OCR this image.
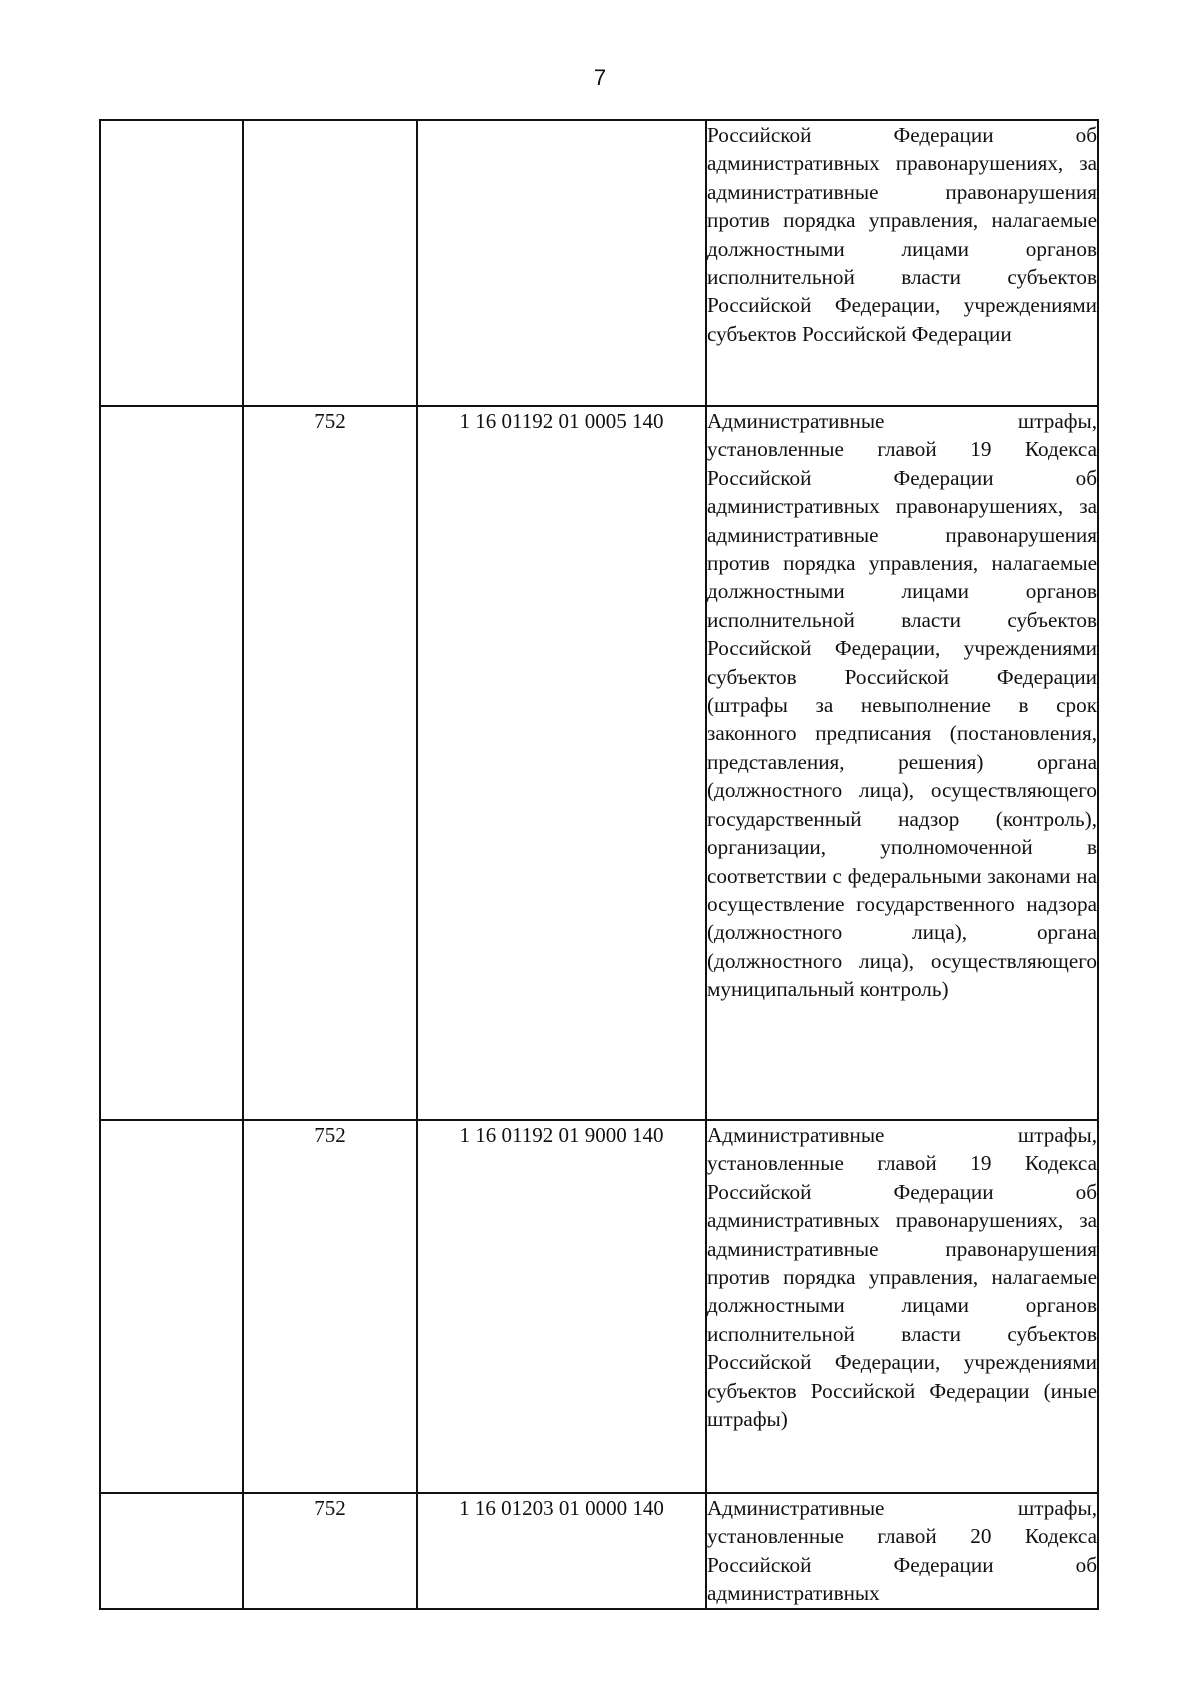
7
			Российской Федерации об административных правонарушениях, за административные правонарушения против порядка управления, налагаемые должностными лицами органов исполнительной власти субъектов Российской Федерации, учреждениями субъектов Российской Федерации
	752	1 16 01192 01 0005 140	Административные штрафы, установленные главой 19 Кодекса Российской Федерации об административных правонарушениях, за административные правонарушения против порядка управления, налагаемые должностными лицами органов исполнительной власти субъектов Российской Федерации, учреждениями субъектов Российской Федерации (штрафы за невыполнение в срок законного предписания (постановления, представления, решения) органа (должностного лица), осуществляющего государственный надзор (контроль), организации, уполномоченной в соответствии с федеральными законами на осуществление государственного надзора (должностного лица), органа (должностного лица), осуществляющего муниципальный контроль)
	752	1 16 01192 01 9000 140	Административные штрафы, установленные главой 19 Кодекса Российской Федерации об административных правонарушениях, за административные правонарушения против порядка управления, налагаемые должностными лицами органов исполнительной власти субъектов Российской Федерации, учреждениями субъектов Российской Федерации (иные штрафы)
	752	1 16 01203 01 0000 140	Административные штрафы, установленные главой 20 Кодекса Российской Федерации об административных
